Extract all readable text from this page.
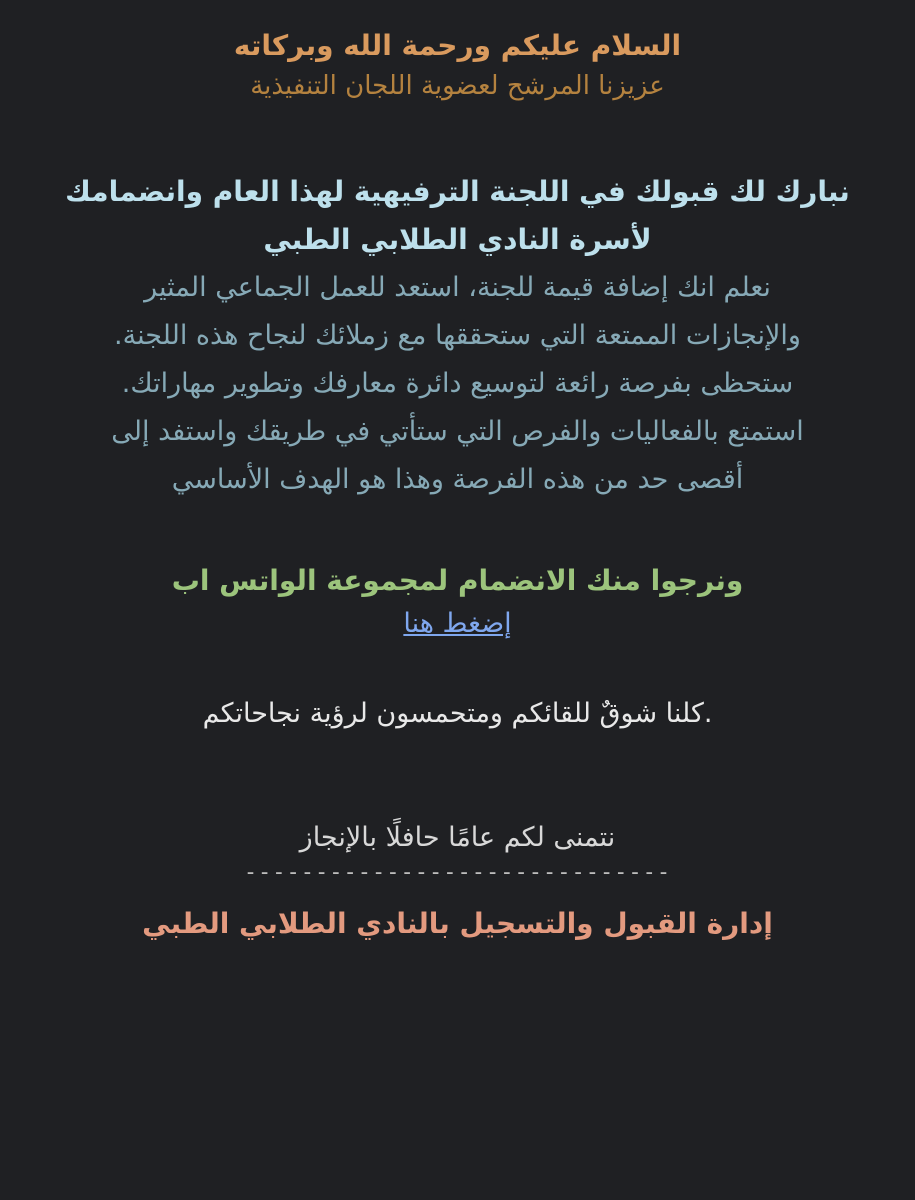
السلام عليكم ورحمة الله وبركاته

عزيزنا المرشح لعضوية اللجان التنفيذية

نبارك لك قبولك في اللجنة الترفيهية لهذا العام وانضمامك
لأسرة النادي الطلابي الطبي

نعلم انك إضافة قيمة للجنة، استعد للعمل الجماعي المثير

والإنجازات الممتعة التي ستحققها مع زملائك لنجاح هذه اللجنة.

ستحظى بفرصة رائعة لتوسيع دائرة معارفك وتطوير مهاراتك.

استمتع بالفعاليات والفرص التي ستأتي في طريقك واستفد إلى

أقصى حد من هذه الفرصة وهذا هو الهدف الأساسي

ونرجوا منك الانضمام لمجموعة الواتس اب
إضغط هنا
.كلنا شوقٌ للقائكم ومتحمسون لرؤية نجاحاتكم
نتمنى لكم عامًا حافلًا بالإنجاز
------------------------------
إدارة القبول والتسجيل بالنادي الطلابي الطبي
